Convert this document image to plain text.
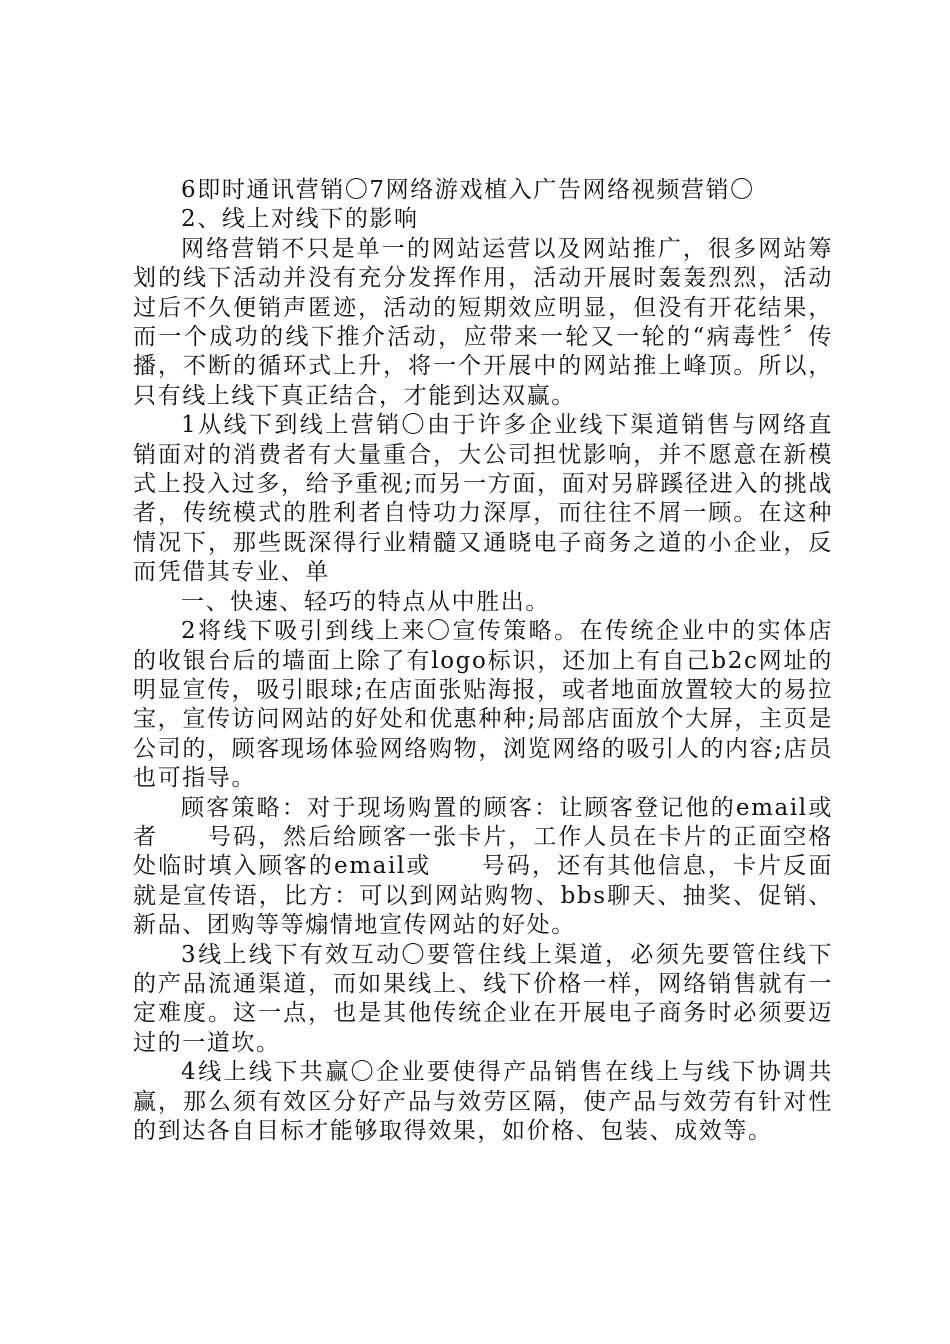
6即时通讯营销〇7网络游戏植入广告网络视频营销〇

2、线上对线下的影响

网络营销不只是单一的网站运营以及网站推广，很多网站筹划的线下活动并没有充分发挥作用，活动开展时轰轰烈烈，活动过后不久便销声匿迹，活动的短期效应明显，但没有开花结果，而一个成功的线下推介活动，应带来一轮又一轮的“病毒性〞传播，不断的循环式上升，将一个开展中的网站推上峰顶。所以，只有线上线下真正结合，才能到达双赢。

1从线下到线上营销〇由于许多企业线下渠道销售与网络直销面对的消费者有大量重合，大公司担忧影响，并不愿意在新模式上投入过多，给予重视;而另一方面，面对另辟蹊径进入的挑战者，传统模式的胜利者自恃功力深厚，而往往不屑一顾。在这种情况下，那些既深得行业精髓又通晓电子商务之道的小企业，反而凭借其专业、单

一、快速、轻巧的特点从中胜出。

2将线下吸引到线上来〇宣传策略。在传统企业中的实体店的收银台后的墙面上除了有logo标识，还加上有自己b2c网址的明显宣传，吸引眼球;在店面张贴海报，或者地面放置较大的易拉宝，宣传访问网站的好处和优惠种种;局部店面放个大屏，主页是公司的，顾客现场体验网络购物，浏览网络的吸引人的内容;店员也可指导。

顾客策略：对于现场购置的顾客：让顾客登记他的email或者　　号码，然后给顾客一张卡片，工作人员在卡片的正面空格处临时填入顾客的email或　　号码，还有其他信息，卡片反面就是宣传语，比方：可以到网站购物、bbs聊天、抽奖、促销、新品、团购等等煽情地宣传网站的好处。

3线上线下有效互动〇要管住线上渠道，必须先要管住线下的产品流通渠道，而如果线上、线下价格一样，网络销售就有一定难度。这一点，也是其他传统企业在开展电子商务时必须要迈过的一道坎。

4线上线下共赢〇企业要使得产品销售在线上与线下协调共赢，那么须有效区分好产品与效劳区隔，使产品与效劳有针对性的到达各自目标才能够取得效果，如价格、包装、成效等。
